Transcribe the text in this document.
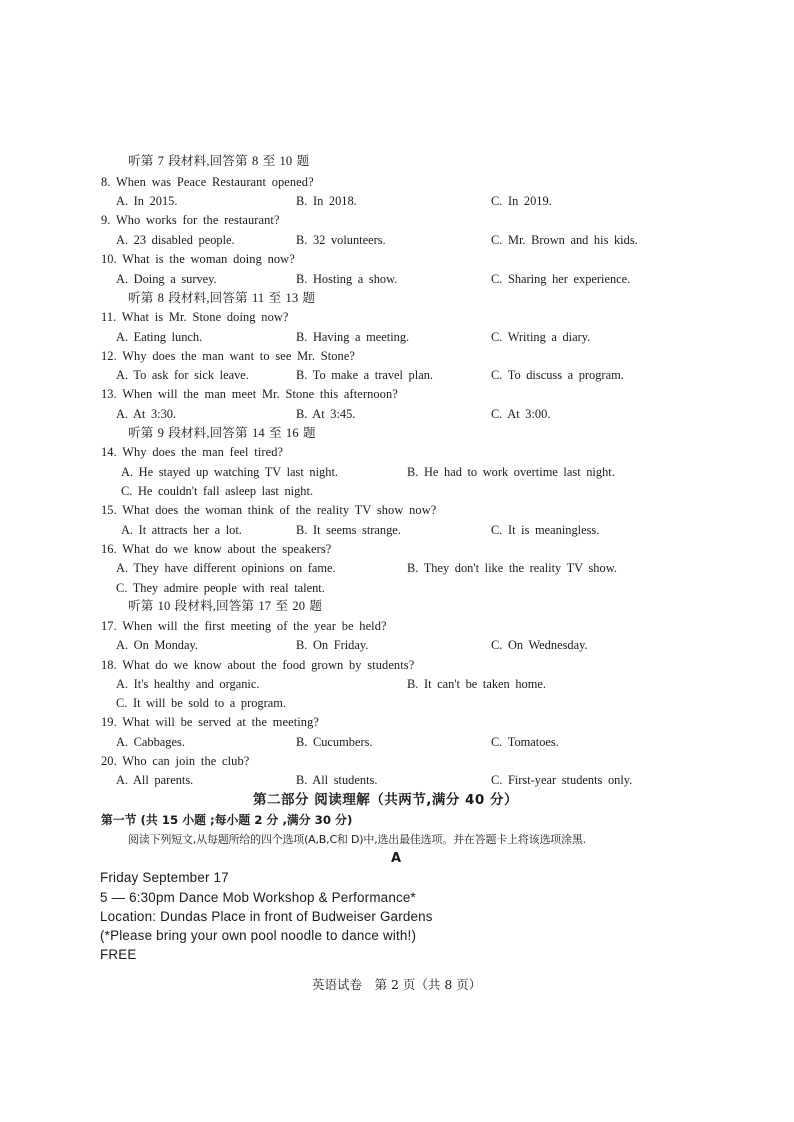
听第 7 段材料,回答第 8 至 10 题
8. When was Peace Restaurant opened?
A. In 2015.	B. In 2018.	C. In 2019.
9. Who works for the restaurant?
A. 23 disabled people.	B. 32 volunteers.	C. Mr. Brown and his kids.
10. What is the woman doing now?
A. Doing a survey.	B. Hosting a show.	C. Sharing her experience.
听第 8 段材料,回答第 11 至 13 题
11. What is Mr. Stone doing now?
A. Eating lunch.	B. Having a meeting.	C. Writing a diary.
12. Why does the man want to see Mr. Stone?
A. To ask for sick leave.	B. To make a travel plan.	C. To discuss a program.
13. When will the man meet Mr. Stone this afternoon?
A. At 3:30.	B. At 3:45.	C. At 3:00.
听第 9 段材料,回答第 14 至 16 题
14. Why does the man feel tired?
A. He stayed up watching TV last night.	B. He had to work overtime last night.
C. He couldn't fall asleep last night.
15. What does the woman think of the reality TV show now?
A. It attracts her a lot.	B. It seems strange.	C. It is meaningless.
16. What do we know about the speakers?
A. They have different opinions on fame.	B. They don't like the reality TV show.
C. They admire people with real talent.
听第 10 段材料,回答第 17 至 20 题
17. When will the first meeting of the year be held?
A. On Monday.	B. On Friday.	C. On Wednesday.
18. What do we know about the food grown by students?
A. It's healthy and organic.	B. It can't be taken home.
C. It will be sold to a program.
19. What will be served at the meeting?
A. Cabbages.	B. Cucumbers.	C. Tomatoes.
20. Who can join the club?
A. All parents.	B. All students.	C. First-year students only.
第二部分 阅读理解（共两节,满分 40 分）
第一节 (共 15 小题 ;每小题 2 分 ,满分 30 分)
阅读下列短文,从每题所给的四个选项(A,B,C和 D)中,选出最佳选项。并在答题卡上将该选项涂黑.
A
Friday September 17
5 — 6:30pm Dance Mob Workshop & Performance*
Location: Dundas Place in front of Budweiser Gardens
(*Please bring your own pool noodle to dance with!)
FREE
英语试卷　第 2 页（共 8 页）
